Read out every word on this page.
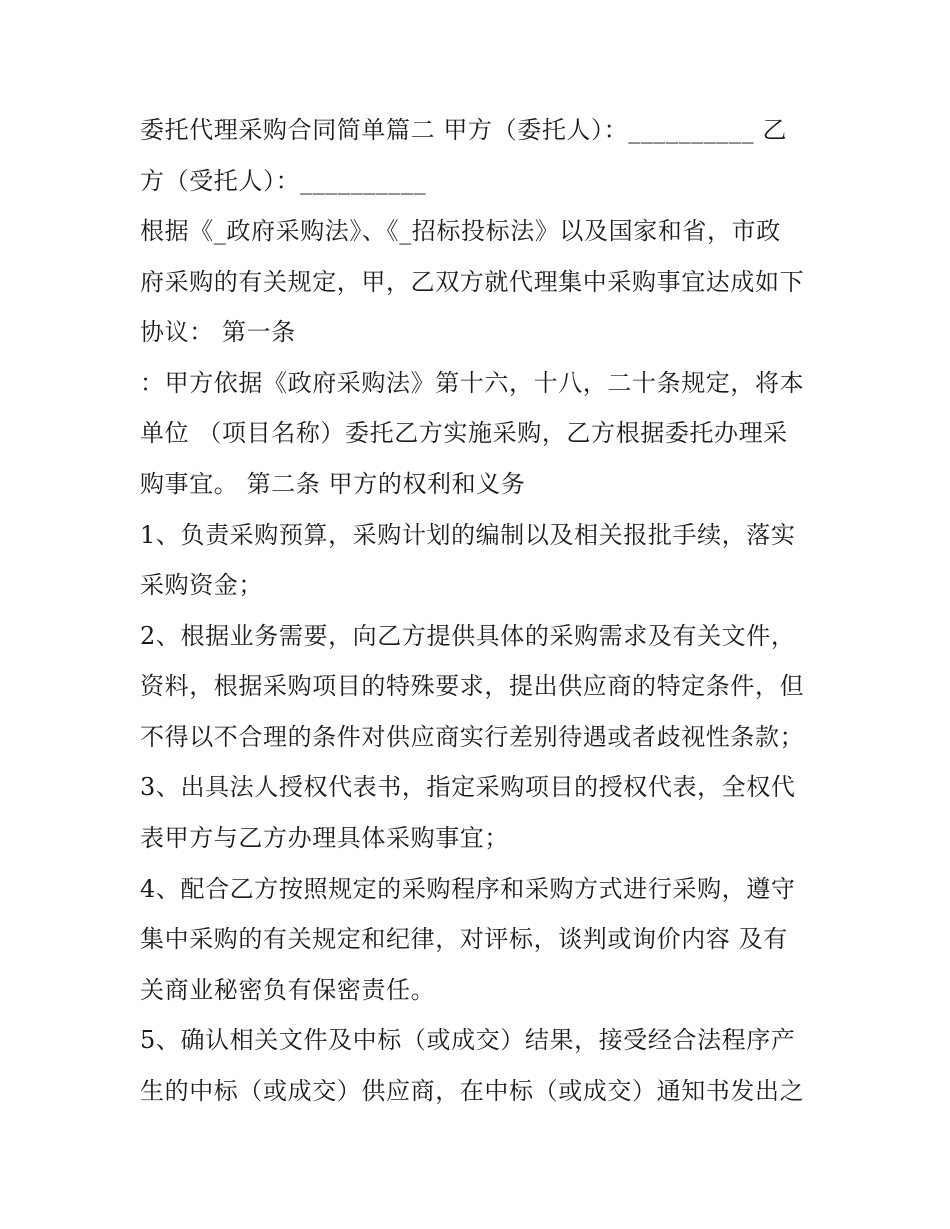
委托代理采购合同简单篇二 甲方（委托人）：__________ 乙
方（受托人）：__________
根据《_政府采购法》、《_招标投标法》以及国家和省，市政
府采购的有关规定，甲，乙双方就代理集中采购事宜达成如下
协议： 第一条
：甲方依据《政府采购法》第十六，十八，二十条规定，将本
单位 （项目名称）委托乙方实施采购，乙方根据委托办理采
购事宜。 第二条 甲方的权利和义务
1、负责采购预算，采购计划的编制以及相关报批手续，落实
采购资金；
2、根据业务需要，向乙方提供具体的采购需求及有关文件，
资料，根据采购项目的特殊要求，提出供应商的特定条件，但
不得以不合理的条件对供应商实行差别待遇或者歧视性条款；
3、出具法人授权代表书，指定采购项目的授权代表，全权代
表甲方与乙方办理具体采购事宜；
4、配合乙方按照规定的采购程序和采购方式进行采购，遵守
集中采购的有关规定和纪律，对评标，谈判或询价内容 及有
关商业秘密负有保密责任。
5、确认相关文件及中标（或成交）结果，接受经合法程序产
生的中标（或成交）供应商，在中标（或成交）通知书发出之
